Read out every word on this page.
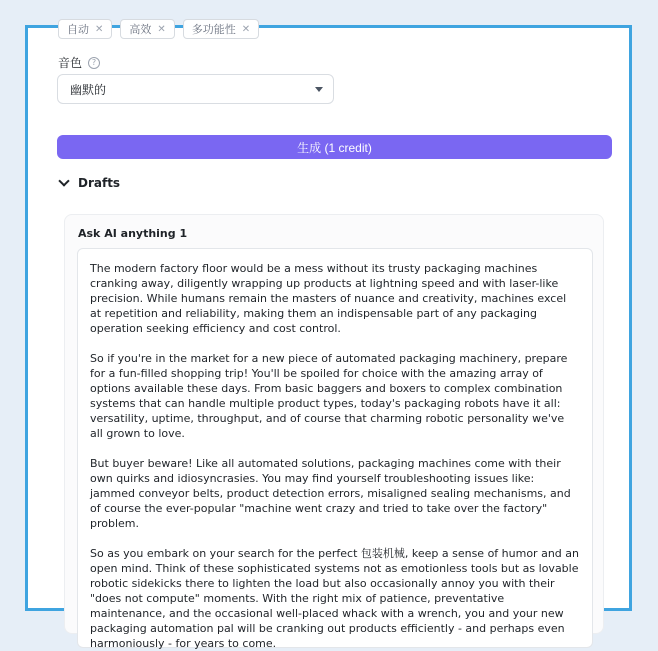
自动 ✕ 高效 ✕ 多功能性 ✕
音色	?
幽默的
生成 (1 credit)
Drafts
Ask AI anything 1

The modern factory floor would be a mess without its trusty packaging machines cranking away, diligently wrapping up products at lightning speed and with laser-like precision. While humans remain the masters of nuance and creativity, machines excel at repetition and reliability, making them an indispensable part of any packaging operation seeking efficiency and cost control.

So if you're in the market for a new piece of automated packaging machinery, prepare for a fun-filled shopping trip! You'll be spoiled for choice with the amazing array of options available these days. From basic baggers and boxers to complex combination systems that can handle multiple product types, today's packaging robots have it all: versatility, uptime, throughput, and of course that charming robotic personality we've all grown to love.

But buyer beware! Like all automated solutions, packaging machines come with their own quirks and idiosyncrasies. You may find yourself troubleshooting issues like: jammed conveyor belts, product detection errors, misaligned sealing mechanisms, and of course the ever-popular "machine went crazy and tried to take over the factory" problem.

So as you embark on your search for the perfect 包装机械, keep a sense of humor and an open mind. Think of these sophisticated systems not as emotionless tools but as lovable robotic sidekicks there to lighten the load but also occasionally annoy you with their "does not compute" moments. With the right mix of patience, preventative maintenance, and the occasional well-placed whack with a wrench, you and your new packaging automation pal will be cranking out products efficiently - and perhaps even harmoniously - for years to come.
